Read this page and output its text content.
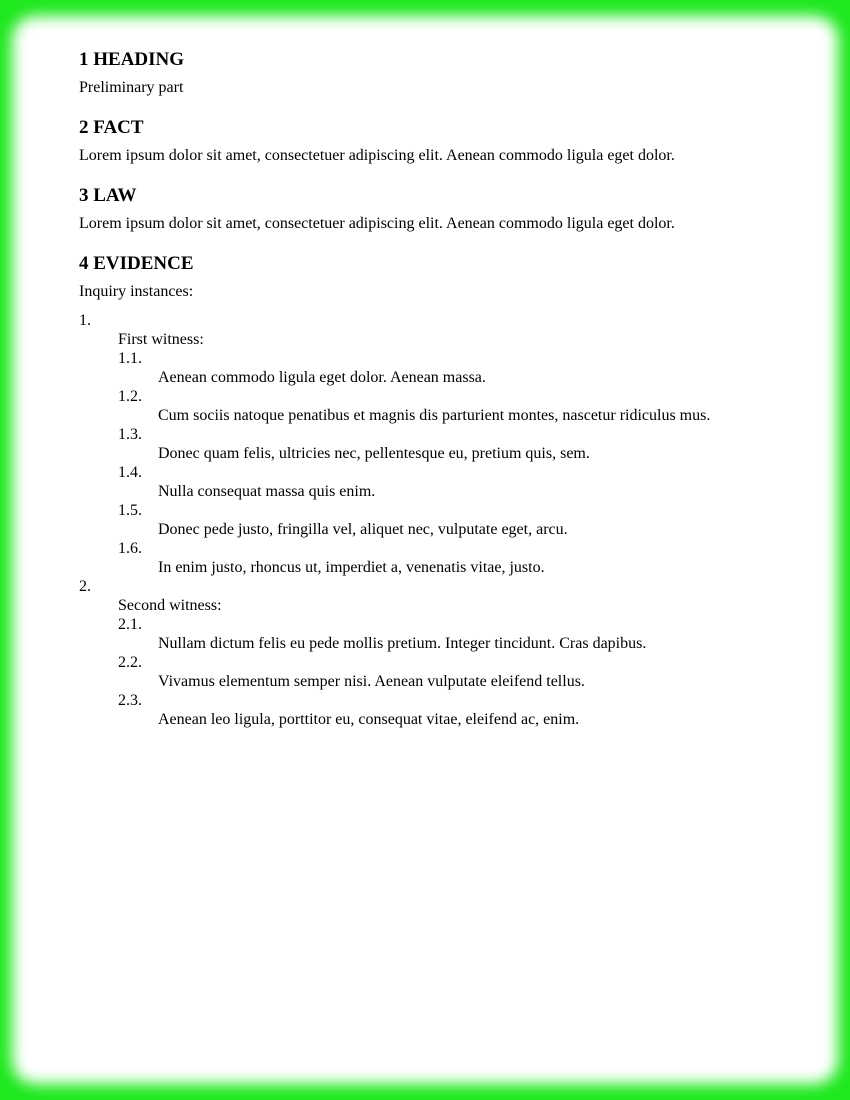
1 HEADING

Preliminary part

2 FACT

Lorem ipsum dolor sit amet, consectetuer adipiscing elit. Aenean commodo ligula eget dolor.

3 LAW

Lorem ipsum dolor sit amet, consectetuer adipiscing elit. Aenean commodo ligula eget dolor.

4 EVIDENCE

Inquiry instances:

1.
First witness:
1.1.
Aenean commodo ligula eget dolor. Aenean massa.
1.2.
Cum sociis natoque penatibus et magnis dis parturient montes, nascetur ridiculus mus.
1.3.
Donec quam felis, ultricies nec, pellentesque eu, pretium quis, sem.
1.4.
Nulla consequat massa quis enim.
1.5.
Donec pede justo, fringilla vel, aliquet nec, vulputate eget, arcu.
1.6.
In enim justo, rhoncus ut, imperdiet a, venenatis vitae, justo.
2.
Second witness:
2.1.
Nullam dictum felis eu pede mollis pretium. Integer tincidunt. Cras dapibus.
2.2.
Vivamus elementum semper nisi. Aenean vulputate eleifend tellus.
2.3.
Aenean leo ligula, porttitor eu, consequat vitae, eleifend ac, enim.
